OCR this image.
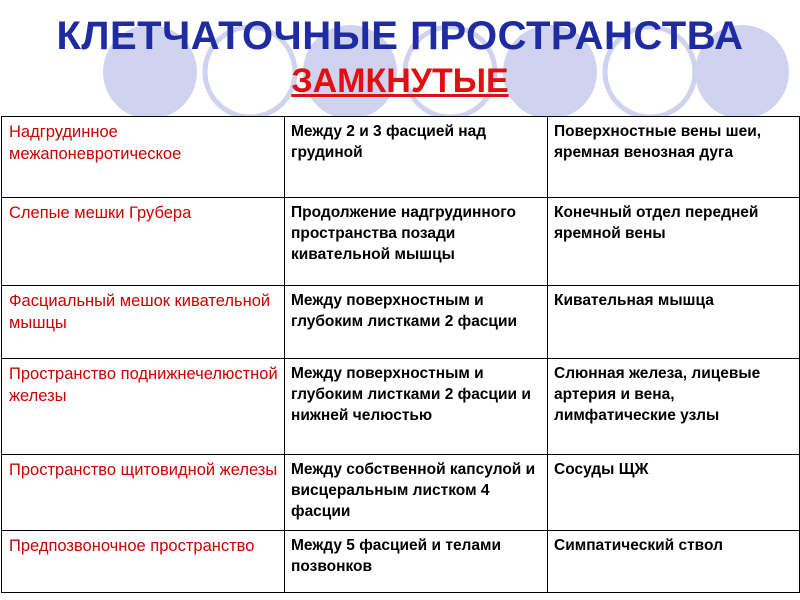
КЛЕТЧАТОЧНЫЕ ПРОСТРАНСТВА
ЗАМКНУТЫЕ
Надгрудинное межапоневротическое	Между 2 и 3 фасцией над грудиной	Поверхностные вены шеи, яремная венозная дуга
Слепые мешки Грубера	Продолжение надгрудинного пространства позади кивательной мышцы	Конечный отдел передней яремной вены
Фасциальный мешок кивательной мышцы	Между поверхностным и глубоким листками 2 фасции	Кивательная мышца
Пространство поднижнечелюстной железы	Между поверхностным и глубоким листками 2 фасции и нижней челюстью	Слюнная железа, лицевые артерия и вена, лимфатические узлы
Пространство щитовидной железы	Между собственной капсулой и висцеральным листком 4 фасции	Сосуды ЩЖ
Предпозвоночное пространство	Между 5 фасцией и телами позвонков	Симпатический ствол
